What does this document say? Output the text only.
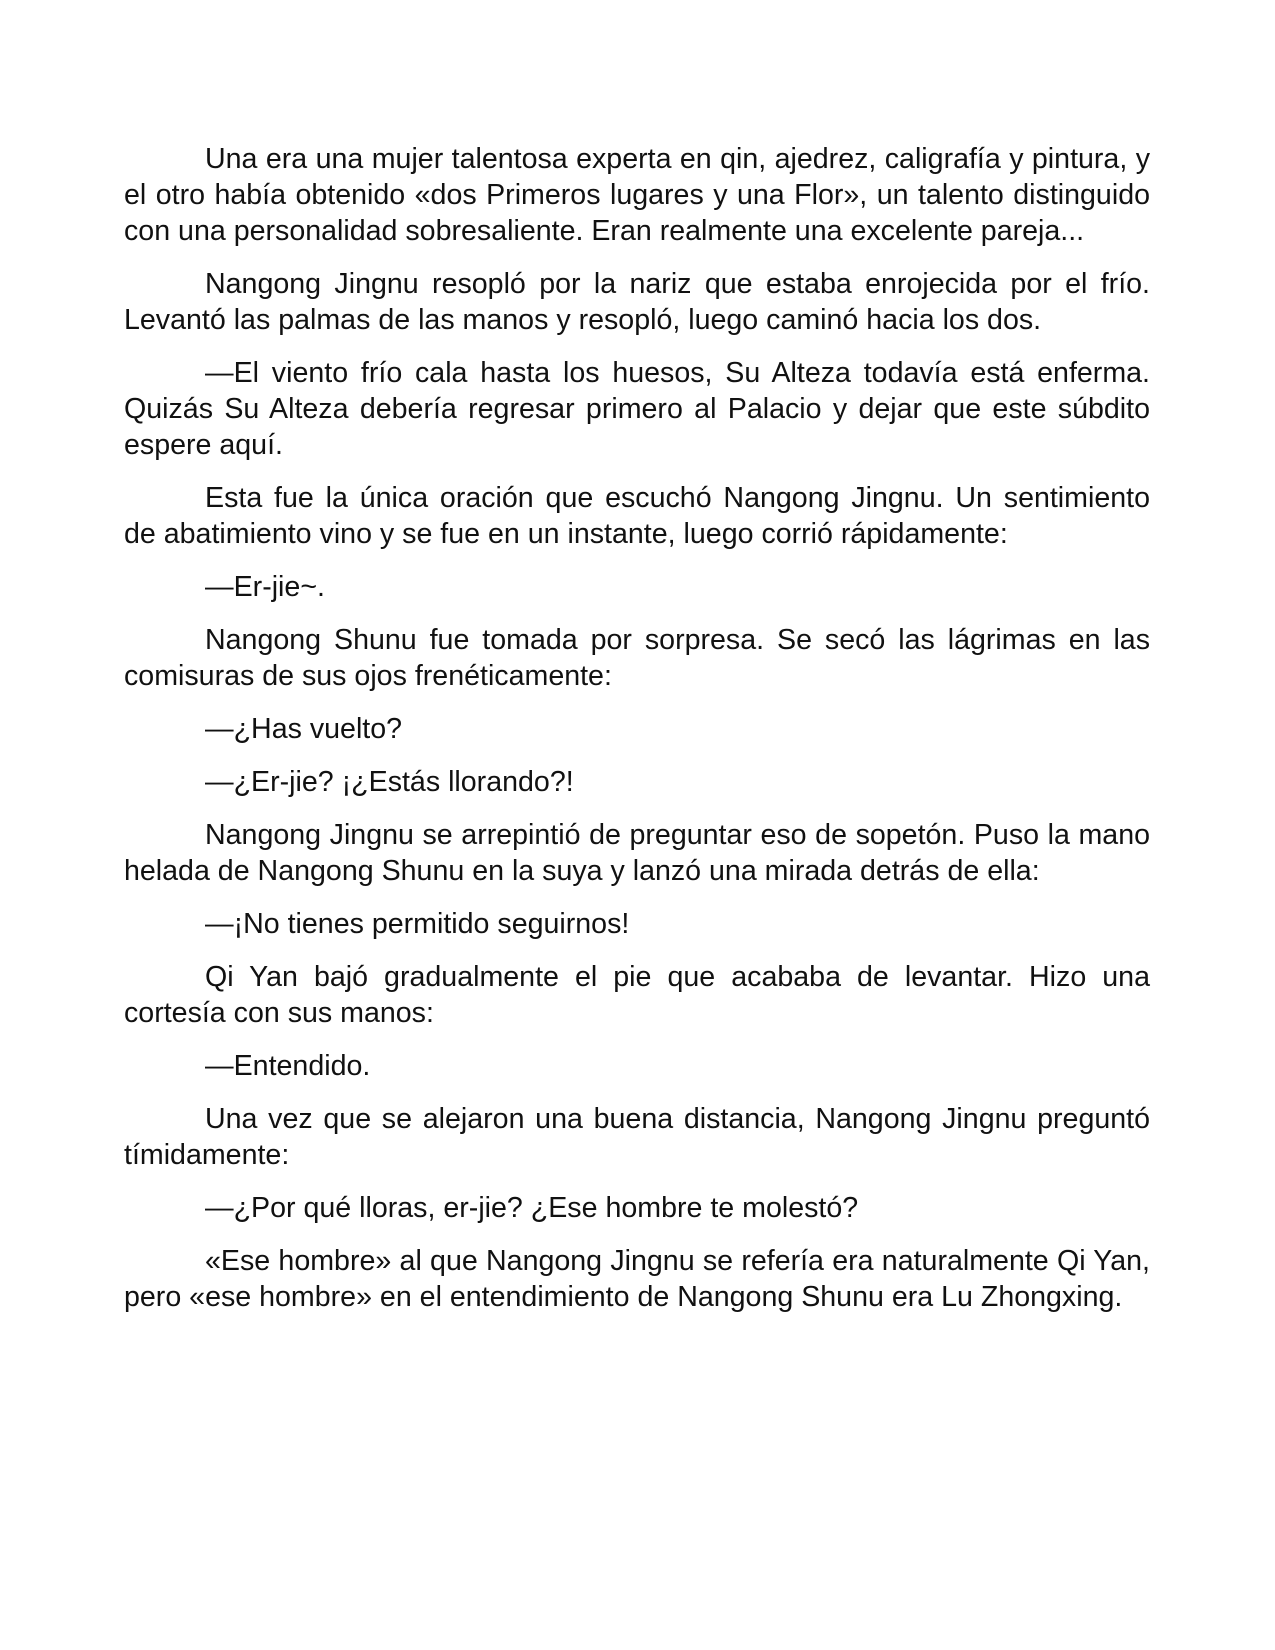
Una era una mujer talentosa experta en qin, ajedrez, caligrafía y pintura, y el otro había obtenido «dos Primeros lugares y una Flor», un talento distinguido con una personalidad sobresaliente. Eran realmente una excelente pareja...

Nangong Jingnu resopló por la nariz que estaba enrojecida por el frío. Levantó las palmas de las manos y resopló, luego caminó hacia los dos.

—El viento frío cala hasta los huesos, Su Alteza todavía está enferma. Quizás Su Alteza debería regresar primero al Palacio y dejar que este súbdito espere aquí.

Esta fue la única oración que escuchó Nangong Jingnu. Un sentimiento de abatimiento vino y se fue en un instante, luego corrió rápidamente:

—Er-jie~.

Nangong Shunu fue tomada por sorpresa. Se secó las lágrimas en las comisuras de sus ojos frenéticamente:

—¿Has vuelto?

—¿Er-jie? ¡¿Estás llorando?!

Nangong Jingnu se arrepintió de preguntar eso de sopetón. Puso la mano helada de Nangong Shunu en la suya y lanzó una mirada detrás de ella:

—¡No tienes permitido seguirnos!

Qi Yan bajó gradualmente el pie que acababa de levantar. Hizo una cortesía con sus manos:

—Entendido.

Una vez que se alejaron una buena distancia, Nangong Jingnu preguntó tímidamente:

—¿Por qué lloras, er-jie? ¿Ese hombre te molestó?

«Ese hombre» al que Nangong Jingnu se refería era naturalmente Qi Yan, pero «ese hombre» en el entendimiento de Nangong Shunu era Lu Zhongxing.
